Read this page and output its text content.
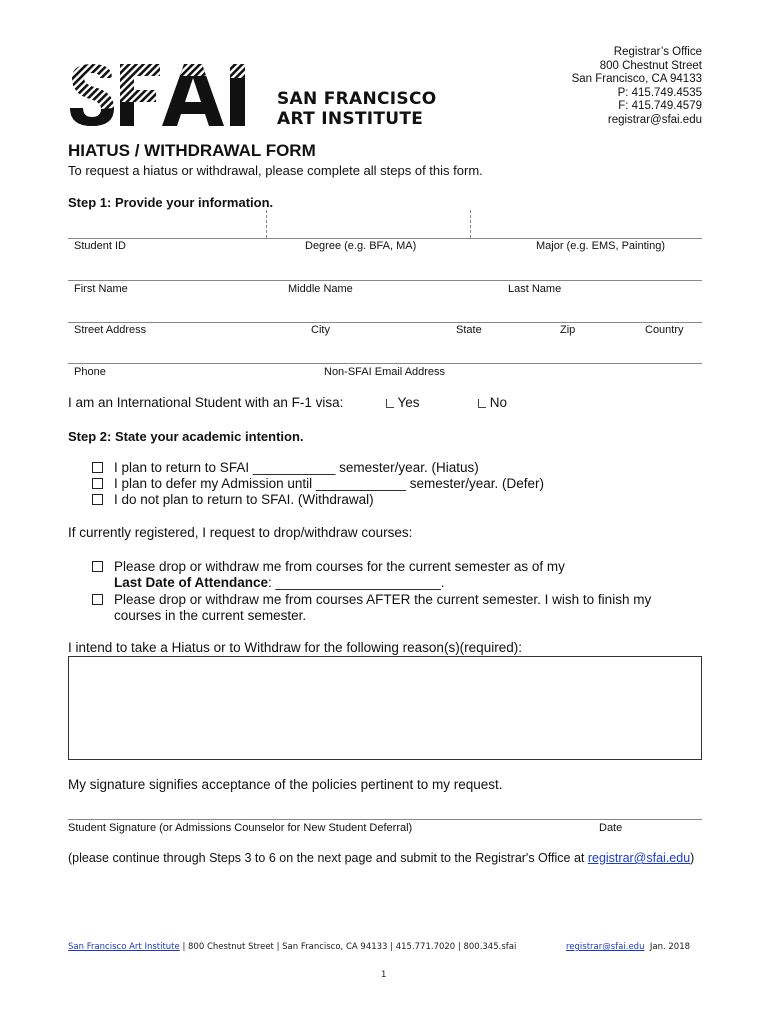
SAN FRANCISCO
ART INSTITUTE
Registrar’s Office
800 Chestnut Street
San Francisco, CA 94133
P: 415.749.4535
F: 415.749.4579
registrar@sfai.edu
HIATUS / WITHDRAWAL FORM
To request a hiatus or withdrawal, please complete all steps of this form.
Step 1: Provide your information.
Student ID	Degree (e.g. BFA, MA)	Major (e.g. EMS, Painting)
First Name	Middle Name	Last Name
Street Address	City	State	Zip	Country
Phone	Non-SFAI Email Address
I am an International Student with an F-1 visa:	Yes	No
Step 2: State your academic intention.
I plan to return to SFAI ___________ semester/year. (Hiatus)
I plan to defer my Admission until ____________ semester/year. (Defer)
I do not plan to return to SFAI. (Withdrawal)
If currently registered, I request to drop/withdraw courses:
Please drop or withdraw me from courses for the current semester as of my
Last Date of Attendance: ______________________.
Please drop or withdraw me from courses AFTER the current semester. I wish to finish my courses in the current semester.
I intend to take a Hiatus or to Withdraw for the following reason(s)(required):
My signature signifies acceptance of the policies pertinent to my request.
Student Signature (or Admissions Counselor for New Student Deferral)	Date
(please continue through Steps 3 to 6 on the next page and submit to the Registrar's Office at registrar@sfai.edu)
San Francisco Art Institute | 800 Chestnut Street | San Francisco, CA 94133 | 415.771.7020 | 800.345.sfai	registrar@sfai.edu Jan. 2018
1
